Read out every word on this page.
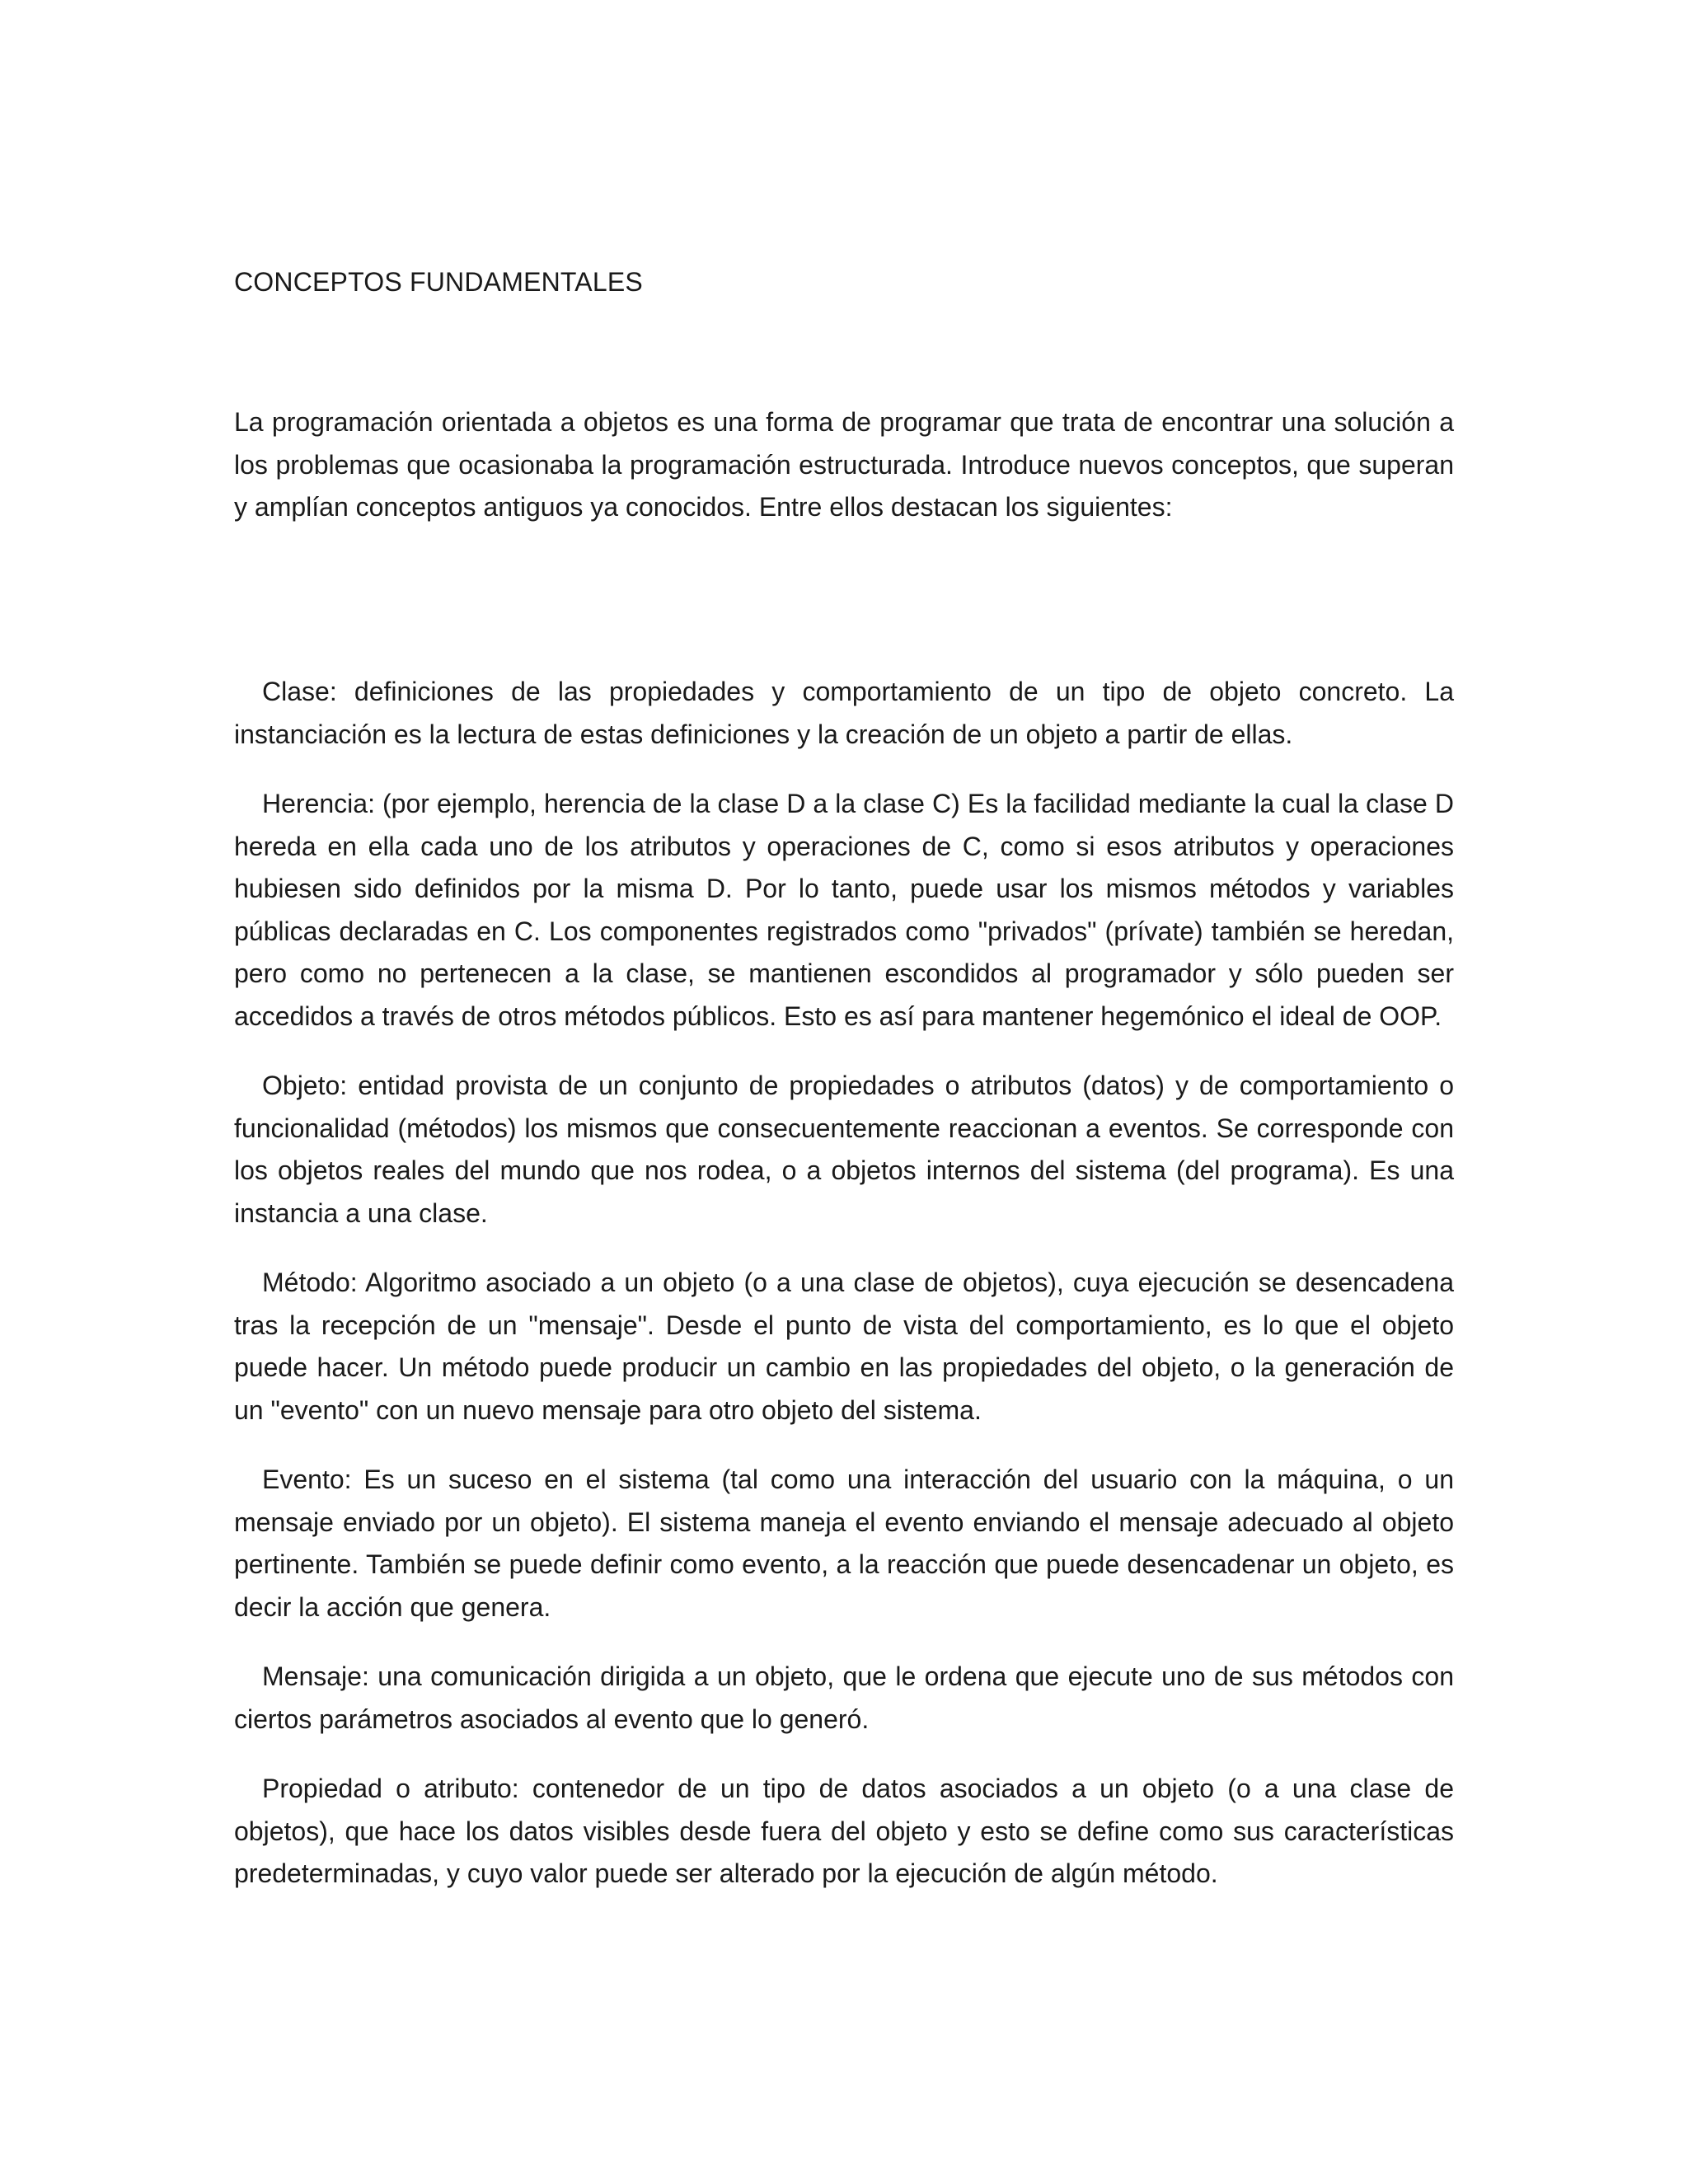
CONCEPTOS FUNDAMENTALES

La programación orientada a objetos es una forma de programar que trata de encontrar una solución a los problemas que ocasionaba la programación estructurada. Introduce nuevos conceptos, que superan y amplían conceptos antiguos ya conocidos. Entre ellos destacan los siguientes:

Clase: definiciones de las propiedades y comportamiento de un tipo de objeto concreto. La instanciación es la lectura de estas definiciones y la creación de un objeto a partir de ellas.

Herencia: (por ejemplo, herencia de la clase D a la clase C) Es la facilidad mediante la cual la clase D hereda en ella cada uno de los atributos y operaciones de C, como si esos atributos y operaciones hubiesen sido definidos por la misma D. Por lo tanto, puede usar los mismos métodos y variables públicas declaradas en C. Los componentes registrados como "privados" (prívate) también se heredan, pero como no pertenecen a la clase, se mantienen escondidos al programador y sólo pueden ser accedidos a través de otros métodos públicos. Esto es así para mantener hegemónico el ideal de OOP.

Objeto: entidad provista de un conjunto de propiedades o atributos (datos) y de comportamiento o funcionalidad (métodos) los mismos que consecuentemente reaccionan a eventos. Se corresponde con los objetos reales del mundo que nos rodea, o a objetos internos del sistema (del programa). Es una instancia a una clase.

Método: Algoritmo asociado a un objeto (o a una clase de objetos), cuya ejecución se desencadena tras la recepción de un "mensaje". Desde el punto de vista del comportamiento, es lo que el objeto puede hacer. Un método puede producir un cambio en las propiedades del objeto, o la generación de un "evento" con un nuevo mensaje para otro objeto del sistema.

Evento: Es un suceso en el sistema (tal como una interacción del usuario con la máquina, o un mensaje enviado por un objeto). El sistema maneja el evento enviando el mensaje adecuado al objeto pertinente. También se puede definir como evento, a la reacción que puede desencadenar un objeto, es decir la acción que genera.

Mensaje: una comunicación dirigida a un objeto, que le ordena que ejecute uno de sus métodos con ciertos parámetros asociados al evento que lo generó.

Propiedad o atributo: contenedor de un tipo de datos asociados a un objeto (o a una clase de objetos), que hace los datos visibles desde fuera del objeto y esto se define como sus características predeterminadas, y cuyo valor puede ser alterado por la ejecución de algún método.
